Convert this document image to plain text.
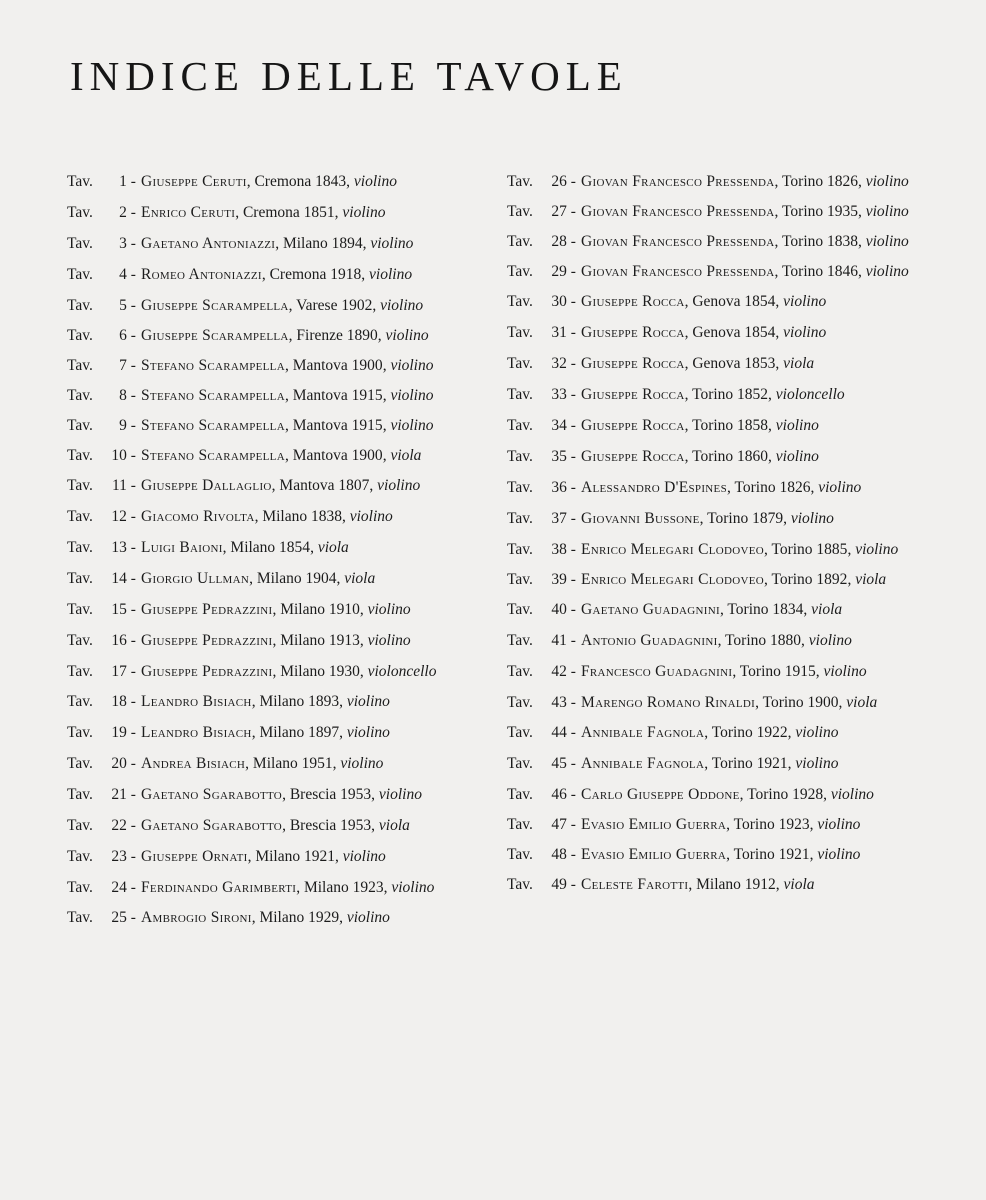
INDICE DELLE TAVOLE
Tav. 1 - Giuseppe Ceruti, Cremona 1843, violino
Tav. 2 - Enrico Ceruti, Cremona 1851, violino
Tav. 3 - Gaetano Antoniazzi, Milano 1894, violino
Tav. 4 - Romeo Antoniazzi, Cremona 1918, violino
Tav. 5 - Giuseppe Scarampella, Varese 1902, violino
Tav. 6 - Giuseppe Scarampella, Firenze 1890, violino
Tav. 7 - Stefano Scarampella, Mantova 1900, violino
Tav. 8 - Stefano Scarampella, Mantova 1915, violino
Tav. 9 - Stefano Scarampella, Mantova 1915, violino
Tav. 10 - Stefano Scarampella, Mantova 1900, viola
Tav. 11 - Giuseppe Dallaglio, Mantova 1807, violino
Tav. 12 - Giacomo Rivolta, Milano 1838, violino
Tav. 13 - Luigi Baioni, Milano 1854, viola
Tav. 14 - Giorgio Ullman, Milano 1904, viola
Tav. 15 - Giuseppe Pedrazzini, Milano 1910, violino
Tav. 16 - Giuseppe Pedrazzini, Milano 1913, violino
Tav. 17 - Giuseppe Pedrazzini, Milano 1930, violoncello
Tav. 18 - Leandro Bisiach, Milano 1893, violino
Tav. 19 - Leandro Bisiach, Milano 1897, violino
Tav. 20 - Andrea Bisiach, Milano 1951, violino
Tav. 21 - Gaetano Sgarabotto, Brescia 1953, violino
Tav. 22 - Gaetano Sgarabotto, Brescia 1953, viola
Tav. 23 - Giuseppe Ornati, Milano 1921, violino
Tav. 24 - Ferdinando Garimberti, Milano 1923, violino
Tav. 25 - Ambrogio Sironi, Milano 1929, violino
Tav. 26 - Giovan Francesco Pressenda, Torino 1826, violino
Tav. 27 - Giovan Francesco Pressenda, Torino 1935, violino
Tav. 28 - Giovan Francesco Pressenda, Torino 1838, violino
Tav. 29 - Giovan Francesco Pressenda, Torino 1846, violino
Tav. 30 - Giuseppe Rocca, Genova 1854, violino
Tav. 31 - Giuseppe Rocca, Genova 1854, violino
Tav. 32 - Giuseppe Rocca, Genova 1853, viola
Tav. 33 - Giuseppe Rocca, Torino 1852, violoncello
Tav. 34 - Giuseppe Rocca, Torino 1858, violino
Tav. 35 - Giuseppe Rocca, Torino 1860, violino
Tav. 36 - Alessandro D'Espines, Torino 1826, violino
Tav. 37 - Giovanni Bussone, Torino 1879, violino
Tav. 38 - Enrico Melegari Clodoveo, Torino 1885, violino
Tav. 39 - Enrico Melegari Clodoveo, Torino 1892, viola
Tav. 40 - Gaetano Guadagnini, Torino 1834, viola
Tav. 41 - Antonio Guadagnini, Torino 1880, violino
Tav. 42 - Francesco Guadagnini, Torino 1915, violino
Tav. 43 - Marengo Romano Rinaldi, Torino 1900, viola
Tav. 44 - Annibale Fagnola, Torino 1922, violino
Tav. 45 - Annibale Fagnola, Torino 1921, violino
Tav. 46 - Carlo Giuseppe Oddone, Torino 1928, violino
Tav. 47 - Evasio Emilio Guerra, Torino 1923, violino
Tav. 48 - Evasio Emilio Guerra, Torino 1921, violino
Tav. 49 - Celeste Farotti, Milano 1912, viola
